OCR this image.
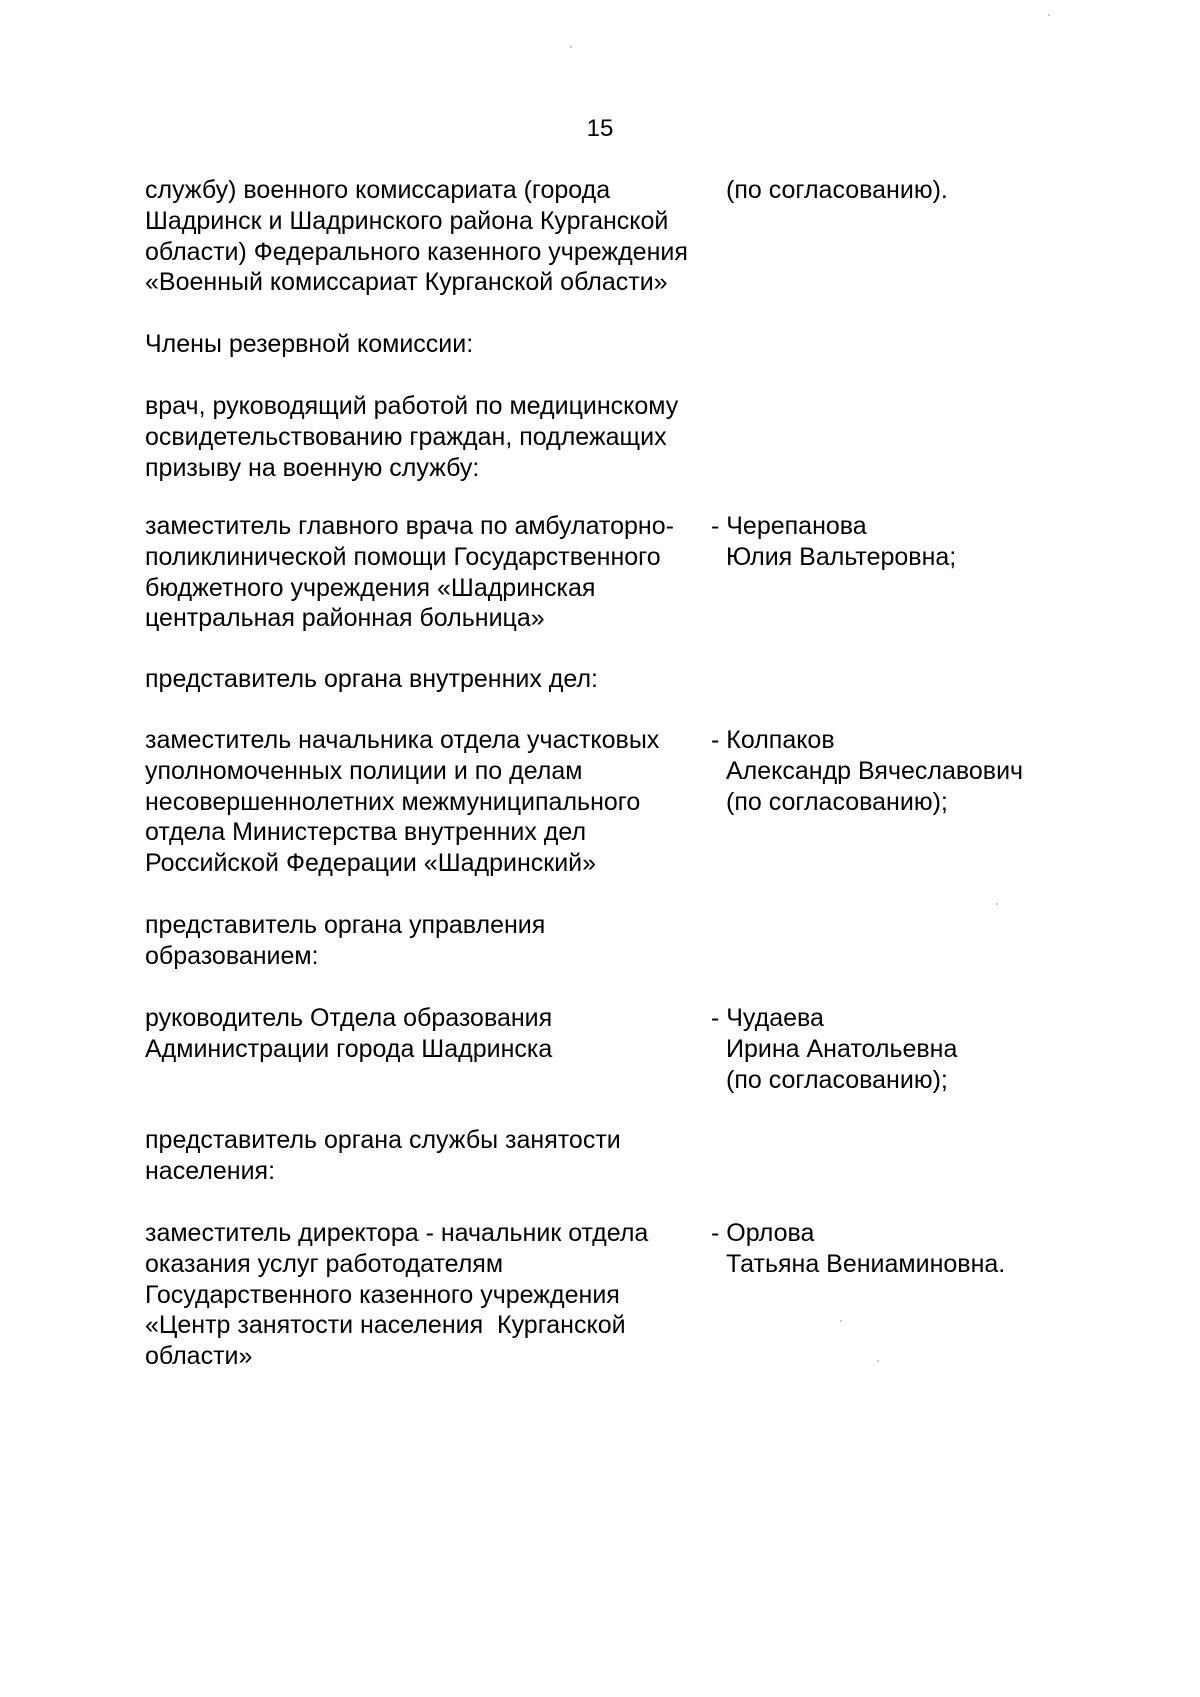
15

службу) военного комиссариата (города
Шадринск и Шадринского района Курганской
области) Федерального казенного учреждения
«Военный комиссариат Курганской области»

(по согласованию).

Члены резервной комиссии:

врач, руководящий работой по медицинскому
освидетельствованию граждан, подлежащих
призыву на военную службу:

заместитель главного врача по амбулаторно-
поликлинической помощи Государственного
бюджетного учреждения «Шадринская
центральная районная больница»

- Черепанова
Юлия Вальтеровна;

представитель органа внутренних дел:

заместитель начальника отдела участковых
уполномоченных полиции и по делам
несовершеннолетних межмуниципального
отдела Министерства внутренних дел
Российской Федерации «Шадринский»

- Колпаков
Александр Вячеславович
(по согласованию);

представитель органа управления
образованием:

руководитель Отдела образования
Администрации города Шадринска

- Чудаева
Ирина Анатольевна
(по согласованию);

представитель органа службы занятости
населения:

заместитель директора - начальник отдела
оказания услуг работодателям
Государственного казенного учреждения
«Центр занятости населения  Курганской
области»

- Орлова
Татьяна Вениаминовна.
